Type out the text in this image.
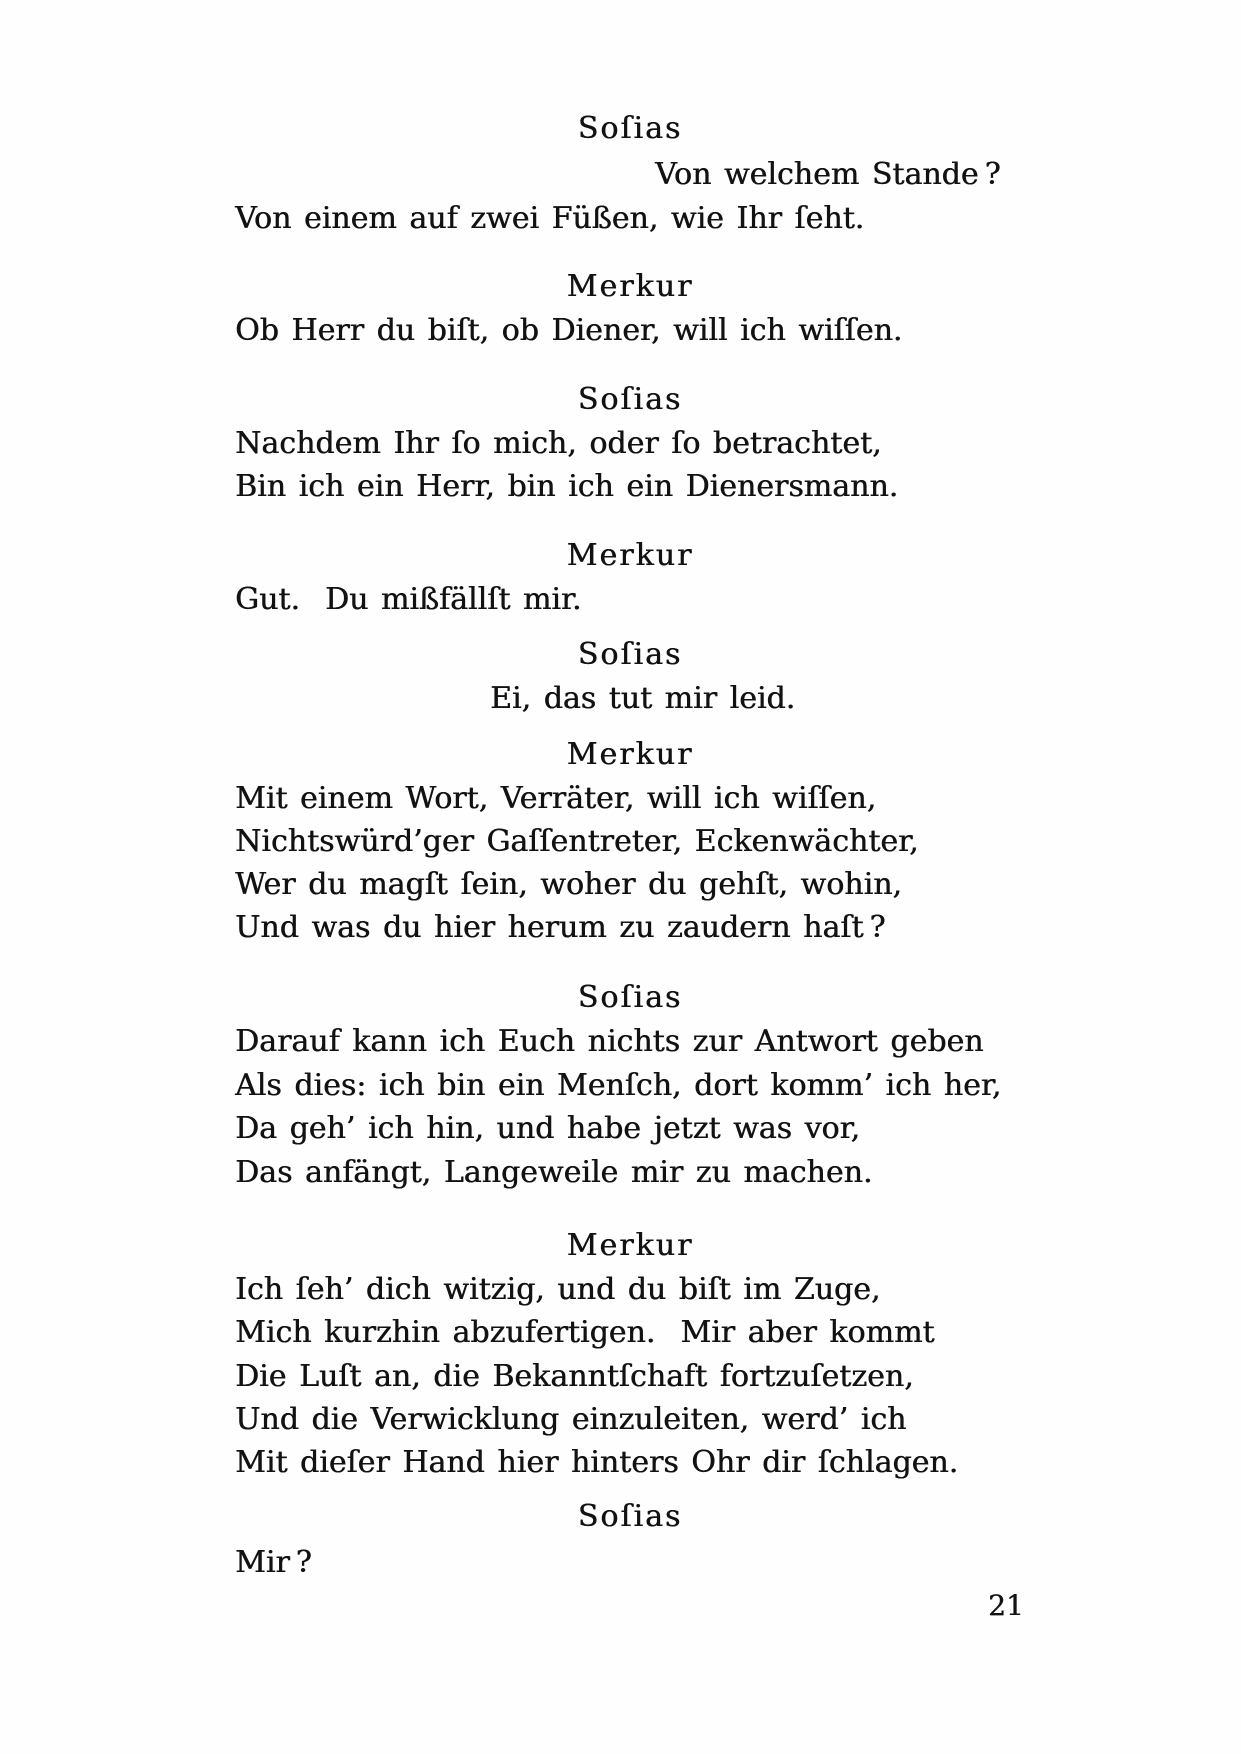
Soſias
Von welchem Stande ?
Von einem auf zwei Füßen, wie Ihr ſeht.
Merkur
Ob Herr du biſt, ob Diener, will ich wiſſen.
Soſias
Nachdem Ihr ſo mich, oder ſo betrachtet,
Bin ich ein Herr, bin ich ein Dienersmann.
Merkur
Gut.  Du mißfällſt mir.
Soſias
Ei, das tut mir leid.
Merkur
Mit einem Wort, Verräter, will ich wiſſen,
Nichtswürd’ger Gaſſentreter, Eckenwächter,
Wer du magſt ſein, woher du gehſt, wohin,
Und was du hier herum zu zaudern haſt ?
Soſias
Darauf kann ich Euch nichts zur Antwort geben
Als dies: ich bin ein Menſch, dort komm’ ich her,
Da geh’ ich hin, und habe jetzt was vor,
Das anfängt, Langeweile mir zu machen.
Merkur
Ich ſeh’ dich witzig, und du biſt im Zuge,
Mich kurzhin abzufertigen.  Mir aber kommt
Die Luſt an, die Bekanntſchaft fortzuſetzen,
Und die Verwicklung einzuleiten, werd’ ich
Mit dieſer Hand hier hinters Ohr dir ſchlagen.
Soſias
Mir ?
21
